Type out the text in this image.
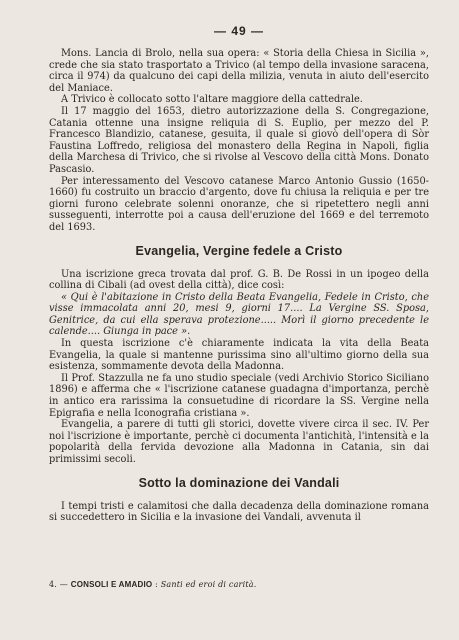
— 49 —

Mons. Lancia di Brolo, nella sua opera: « Storia della Chiesa in Sicilia », crede che sia stato trasportato a Trivico (al tempo della invasione saracena, circa il 974) da qualcuno dei capi della milizia, venuta in aiuto dell'esercito del Maniace.

A Trivico è collocato sotto l'altare maggiore della cattedrale.

Il 17 maggio del 1653, dietro autorizzazione della S. Congregazione, Catania ottenne una insigne reliquia di S. Euplio, per mezzo del P. Francesco Blandizio, catanese, gesuita, il quale si giovò dell'opera di Sòr Faustina Loffredo, religiosa del monastero della Regina in Napoli, figlia della Marchesa di Trivico, che si rivolse al Vescovo della città Mons. Donato Pascasio.

Per interessamento del Vescovo catanese Marco Antonio Gussio (1650-1660) fu costruito un braccio d'argento, dove fu chiusa la reliquia e per tre giorni furono celebrate solenni onoranze, che si ripetettero negli anni susseguenti, interrotte poi a causa dell'eruzione del 1669 e del terremoto del 1693.

Evangelia, Vergine fedele a Cristo

Una iscrizione greca trovata dal prof. G. B. De Rossi in un ipogeo della collina di Cibali (ad ovest della città), dice così:

« Qui è l'abitazione in Cristo della Beata Evangelia, Fedele in Cristo, che visse immacolata anni 20, mesi 9, giorni 17.... La Vergine SS. Sposa, Genitrice, da cui ella sperava protezione..... Morì il giorno precedente le calende.... Giunga in pace ».

In questa iscrizione c'è chiaramente indicata la vita della Beata Evangelia, la quale si mantenne purissima sino all'ultimo giorno della sua esistenza, sommamente devota della Madonna.

Il Prof. Stazzulla ne fa uno studio speciale (vedi Archivio Storico Siciliano 1896) e afferma che « l'iscrizione catanese guadagna d'importanza, perchè in antico era rarissima la consuetudine di ricordare la SS. Vergine nella Epigrafia e nella Iconografia cristiana ».

Evangelia, a parere di tutti gli storici, dovette vivere circa il sec. IV. Per noi l'iscrizione è importante, perchè ci documenta l'antichità, l'intensità e la popolarità della fervida devozione alla Madonna in Catania, sin dai primissimi secoli.

Sotto la dominazione dei Vandali

I tempi tristi e calamitosi che dalla decadenza della dominazione romana si succedettero in Sicilia e la invasione dei Vandali, avvenuta il

4. — CONSOLI E AMADIO : Santi ed eroi di carità.
